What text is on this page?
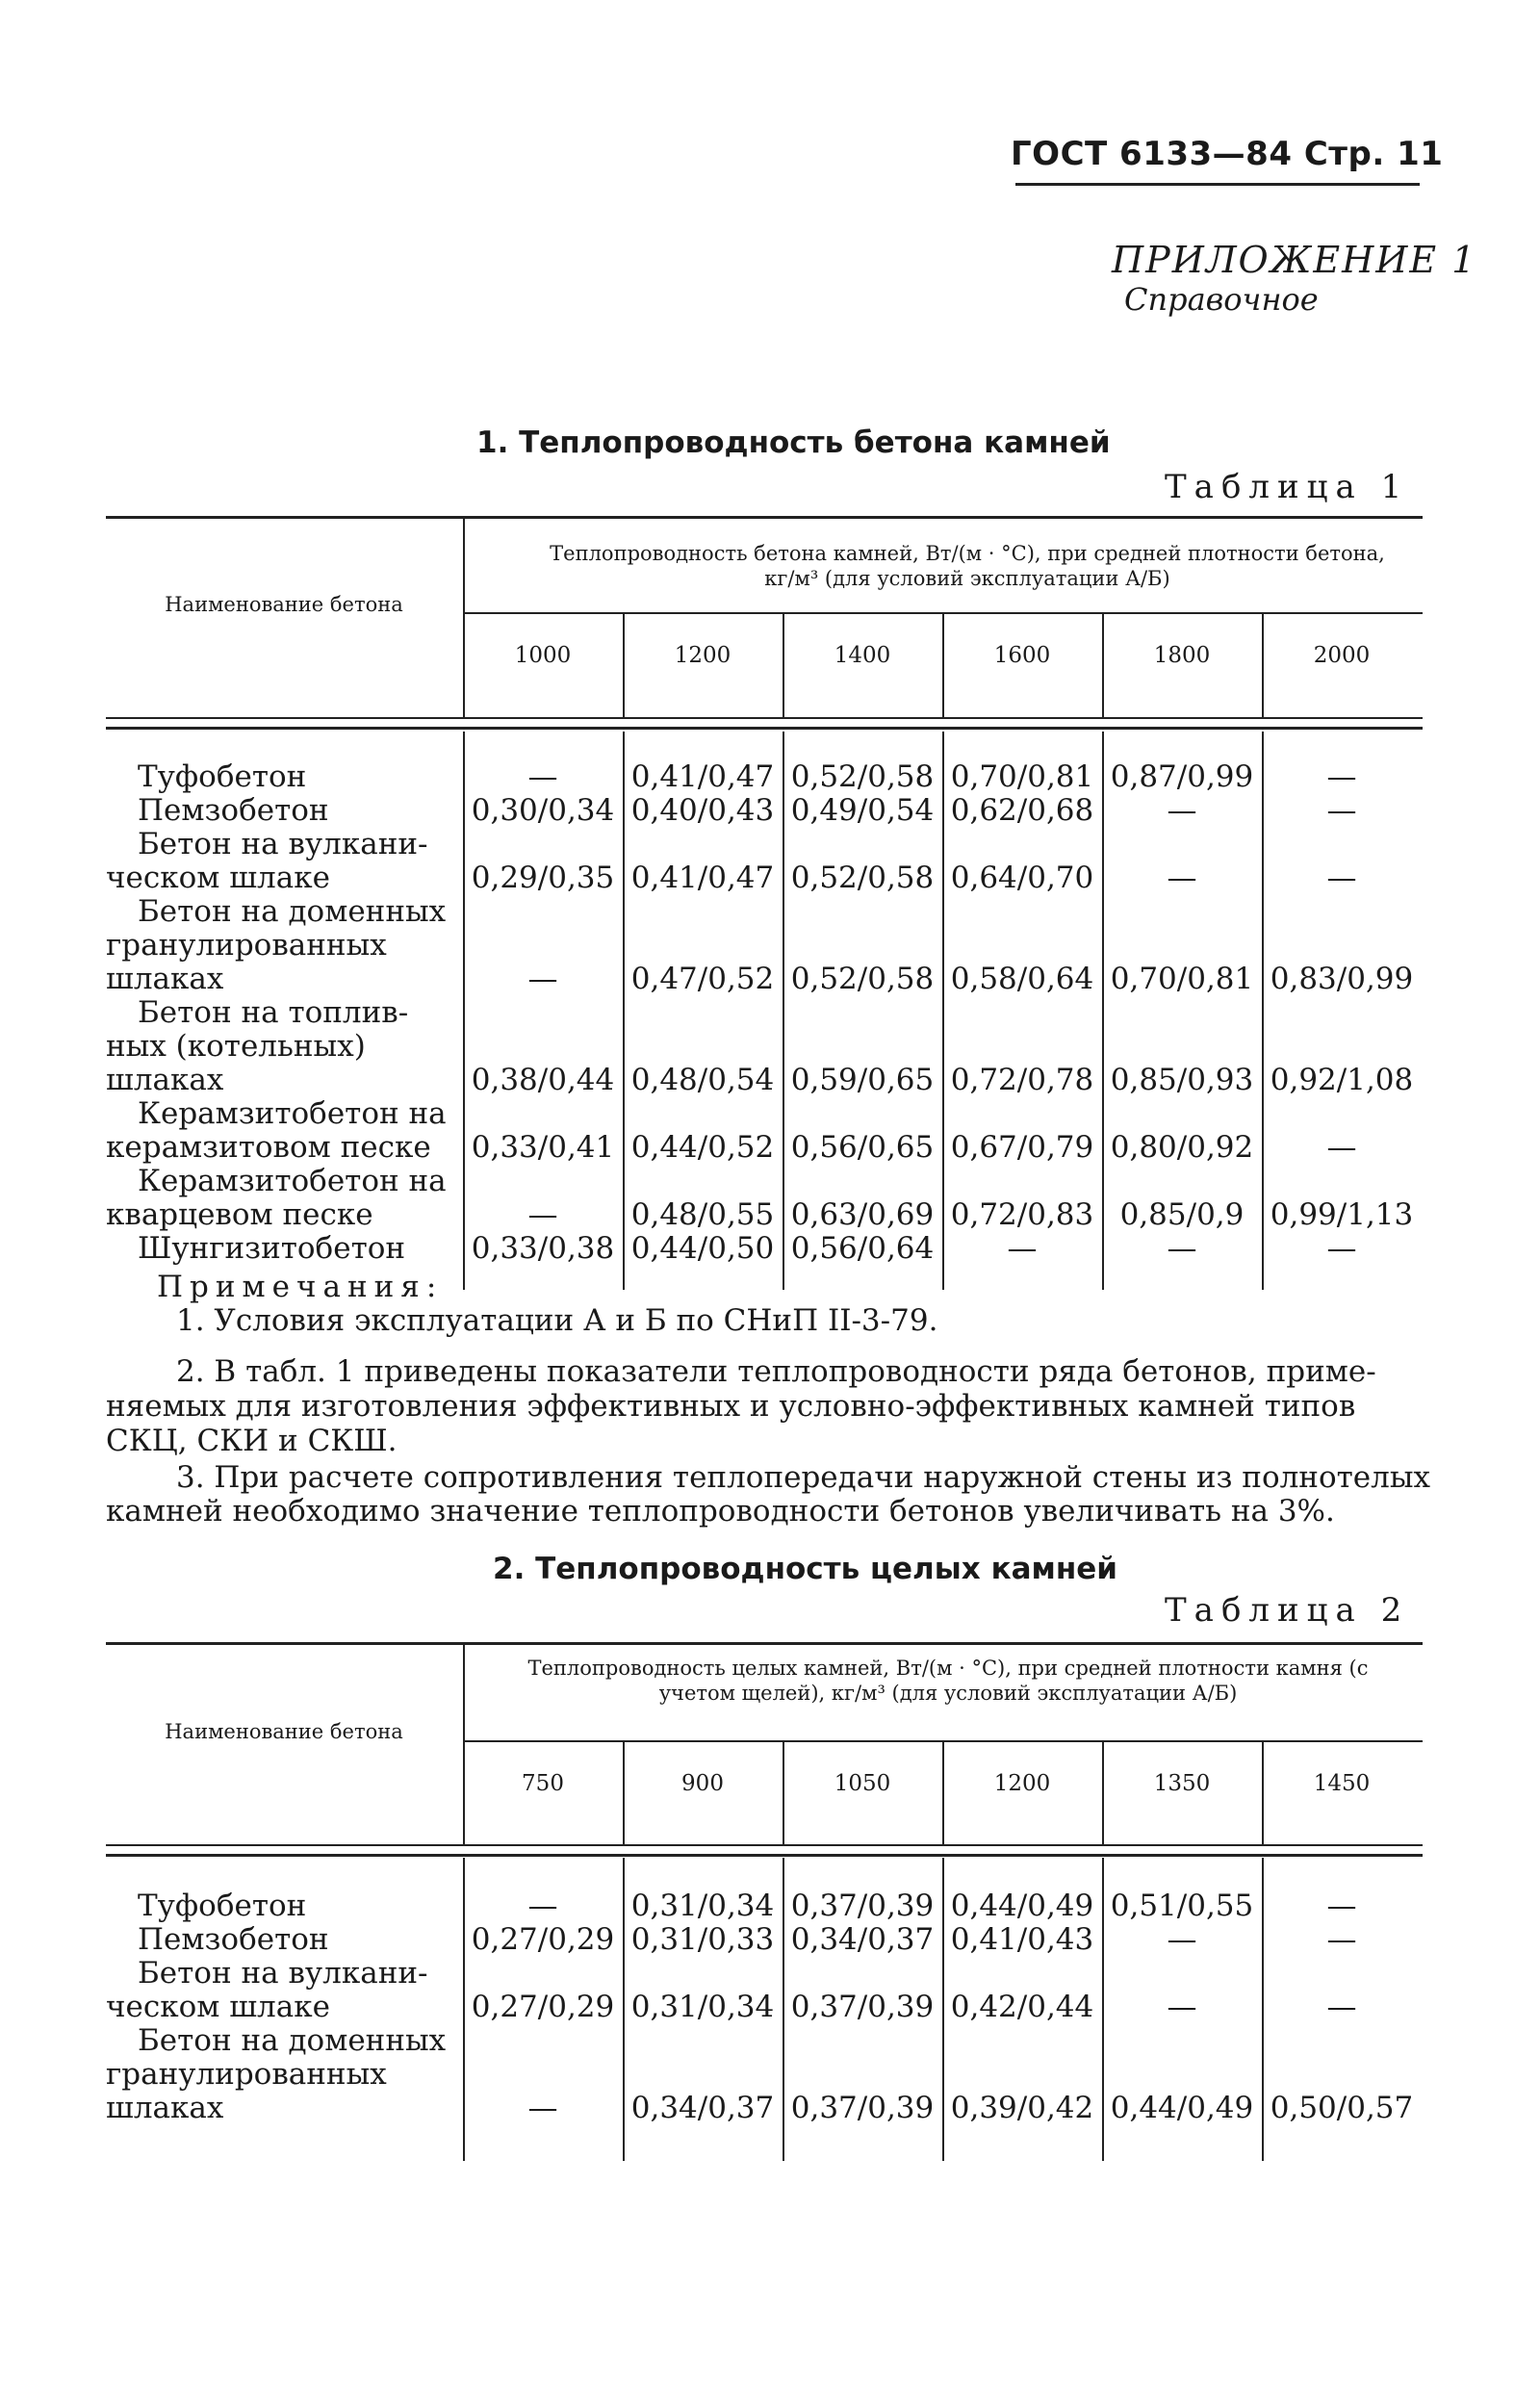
ГОСТ 6133—84 Стр. 11
ПРИЛОЖЕНИЕ 1
Справочное
1. Теплопроводность бетона камней
Таблица 1
Наименование бетона
Теплопроводность бетона камней, Вт/(м · °С), при средней плотности бетона, кг/м³ (для условий эксплуатации А/Б)
Примечания:
1. Условия эксплуатации А и Б по СНиП II-3-79.
2. В табл. 1 приведены показатели теплопроводности ряда бетонов, приме-
няемых для изготовления эффективных и условно-эффективных камней типов
СКЦ, СКИ и СКШ.
3. При расчете сопротивления теплопередачи наружной стены из полнотелых
камней необходимо значение теплопроводности бетонов увеличивать на 3%.
2. Теплопроводность целых камней
Таблица 2
Наименование бетона
Теплопроводность целых камней, Вт/(м · °С), при средней плотности камня (с учетом щелей), кг/м³ (для условий эксплуатации А/Б)
1000	1200	1400	1600	1800	2000
Туфобетон	—	0,41/0,47 0,52/0,58 0,70/0,81 0,87/0,99	—
Пемзобетон	0,30/0,34 0,40/0,43 0,49/0,54 0,62/0,68	—	—
Бетон на вулкани-
ческом шлаке	0,29/0,35 0,41/0,47 0,52/0,58 0,64/0,70	—	—
Бетон на доменных
гранулированных
шлаках	—	0,47/0,52 0,52/0,58 0,58/0,64 0,70/0,81 0,83/0,99
Бетон на топлив-
ных (котельных)
шлаках	0,38/0,44 0,48/0,54 0,59/0,65 0,72/0,78 0,85/0,93 0,92/1,08
Керамзитобетон на
керамзитовом песке 0,33/0,41 0,44/0,52 0,56/0,65 0,67/0,79 0,80/0,92	—
Керамзитобетон на
кварцевом песке	—	0,48/0,55 0,63/0,69 0,72/0,83 0,85/0,9 0,99/1,13
Шунгизитобетон 0,33/0,38 0,44/0,50 0,56/0,64	—	—	—
750	900	1050	1200	1350	1450
Туфобетон	—	0,31/0,34 0,37/0,39 0,44/0,49 0,51/0,55	—
Пемзобетон	0,27/0,29 0,31/0,33 0,34/0,37 0,41/0,43	—	—
Бетон на вулкани-
ческом шлаке	0,27/0,29 0,31/0,34 0,37/0,39 0,42/0,44	—	—
Бетон на доменных
гранулированных
шлаках	—	0,34/0,37 0,37/0,39 0,39/0,42 0,44/0,49 0,50/0,57
